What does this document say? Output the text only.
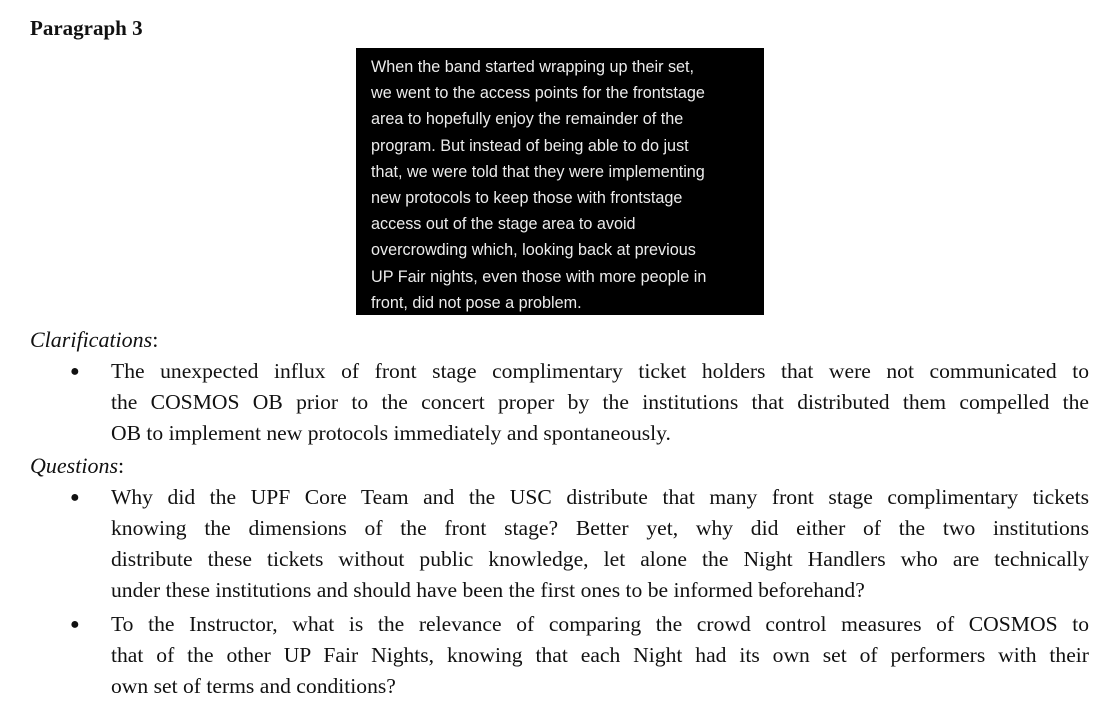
Paragraph 3
When the band started wrapping up their set,
we went to the access points for the frontstage
area to hopefully enjoy the remainder of the
program. But instead of being able to do just
that, we were told that they were implementing
new protocols to keep those with frontstage
access out of the stage area to avoid
overcrowding which, looking back at previous
UP Fair nights, even those with more people in
front, did not pose a problem.
Clarifications:
● The unexpected influx of front stage complimentary ticket holders that were not communicated to
the COSMOS OB prior to the concert proper by the institutions that distributed them compelled the
OB to implement new protocols immediately and spontaneously.
Questions:
● Why did the UPF Core Team and the USC distribute that many front stage complimentary tickets
knowing the dimensions of the front stage? Better yet, why did either of the two institutions
distribute these tickets without public knowledge, let alone the Night Handlers who are technically
under these institutions and should have been the first ones to be informed beforehand?
● To the Instructor, what is the relevance of comparing the crowd control measures of COSMOS to
that of the other UP Fair Nights, knowing that each Night had its own set of performers with their
own set of terms and conditions?
